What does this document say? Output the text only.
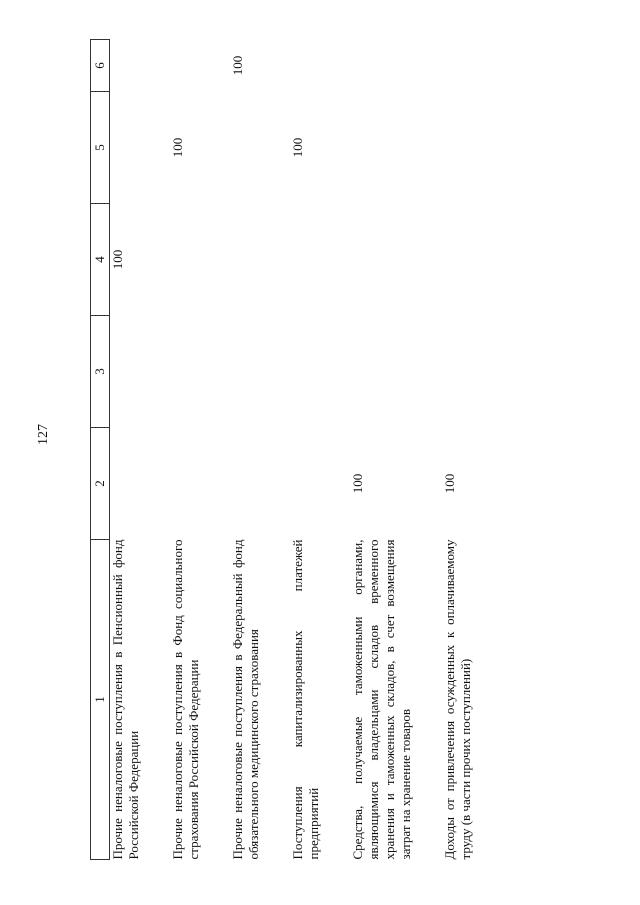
127
1	2	3	4	5	6
Прочие неналоговые поступления в Пенсионный фонд Российской Федерации			100		
Прочие неналоговые поступления в Фонд социального страхования Российской Федерации				100	
Прочие неналоговые поступления в Федеральный фонд обязательного медицинского страхования					100
Поступления капитализированных платежей предприятий				100	
Средства, получаемые таможенными органами, являющимися владельцами складов временного хранения и таможенных складов, в счет возмещения затрат на хранение товаров	100				
Доходы от привлечения осужденных к оплачиваемому труду (в части прочих поступлений)	100				
